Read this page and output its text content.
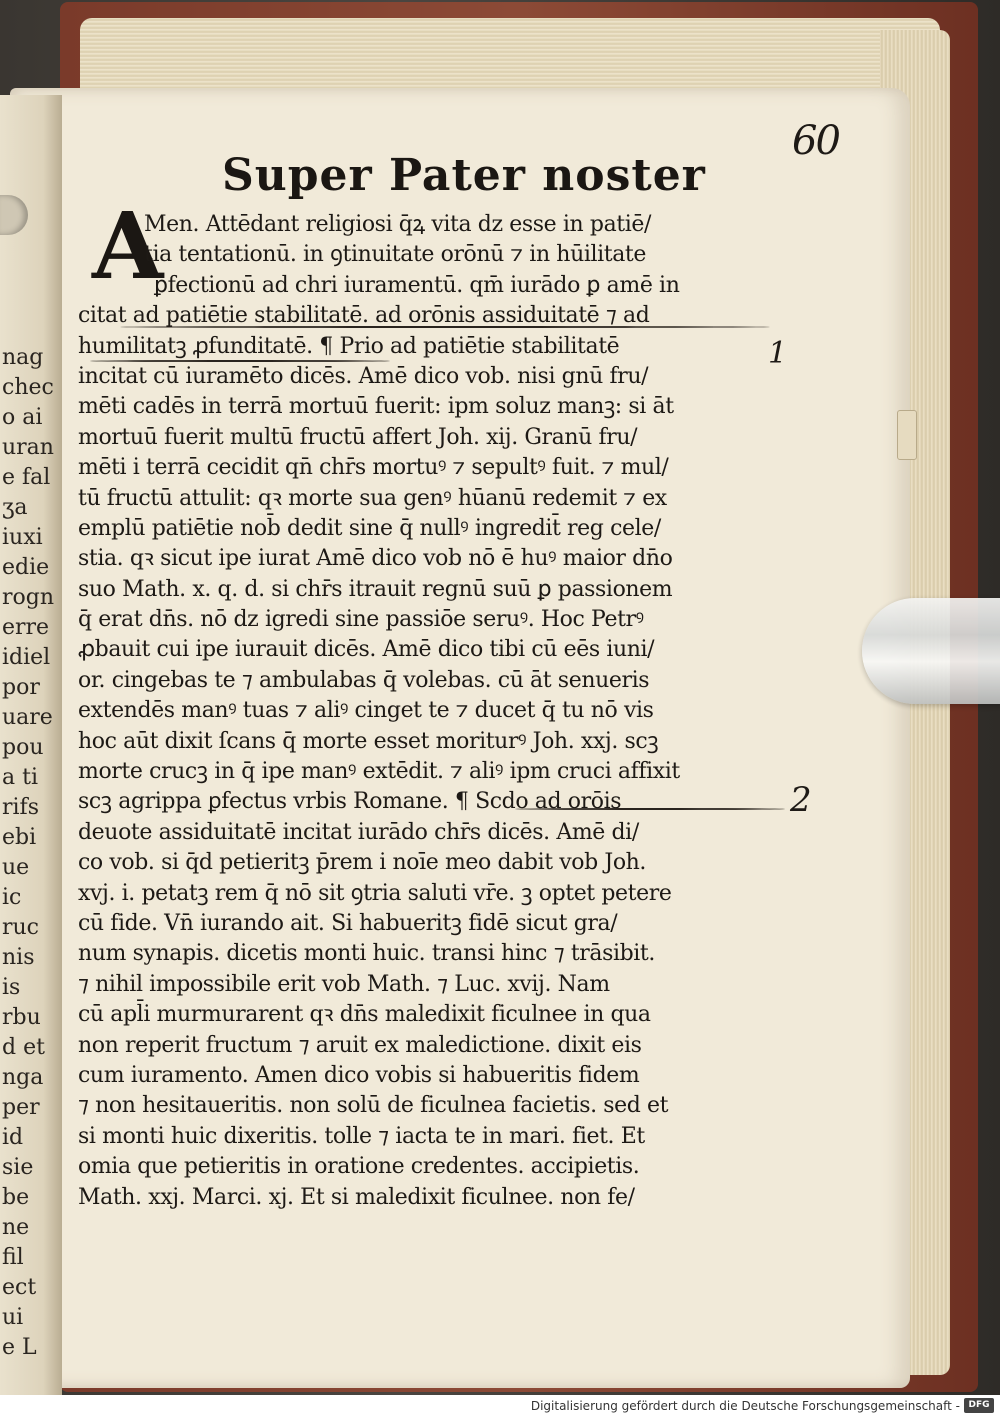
nag
chec
o ai
uran
e fal
ʒa
iuxi
edie
rogn
erre
idiel
por
uare
pou
a ti
rifs
ebi
ue
ic
ruc
nis
is
rbu
d et
nga
per
id
sie
be
ne
fil
ect
ui
e L
60
Super Pater noster
A
Men. Attēdant religiosi q̄ꝝ vita dz esse in patiē/
tia tentationū. in ꝯtinuitate orōnū ⁊ in hūilitate
ꝑfectionū ad chri iuramentū. qm̄ iurādo ꝑ amē in
citat ad patiētie stabilitatē. ad orōnis assiduitatē ⁊ ad
humilitatꝫ ꝓfunditatē. ¶ Prio ad patiētie stabilitatē
incitat cū iuramēto dicēs. Amē dico vob. nisi gnū fru/
mēti cadēs in terrā mortuū fuerit: ipm soluz manꝫ: si āt
mortuū fuerit multū fructū affert Joh. xij. Granū fru/
mēti i terrā cecidit qn̄ chr̄s mortuꝰ ⁊ sepultꝰ fuit. ⁊ mul/
tū fructū attulit: qꝛ morte sua genꝰ hūanū redemit ⁊ ex
emplū patiētie nob̄ dedit sine q̄ nullꝰ ingredit̄ reg cele/
stia. qꝛ sicut ipe iurat Amē dico vob nō ē huꝰ maior dn̄o
suo Math. x. q. d. si chr̄s itrauit regnū suū ꝑ passionem
q̄ erat dn̄s. nō dz igredi sine passiōe seruꝰ. Hoc Petrꝰ
ꝓbauit cui ipe iurauit dicēs. Amē dico tibi cū eēs iuni/
or. cingebas te ⁊ ambulabas q̄ volebas. cū āt senueris
extendēs manꝰ tuas ⁊ aliꝰ cinget te ⁊ ducet q̄ tu nō vis
hoc aūt dixit ſcans q̄ morte esset moriturꝰ Joh. xxj. scꝫ
morte crucꝫ in q̄ ipe manꝰ extēdit. ⁊ aliꝰ ipm cruci affixit
scꝫ agrippa ꝑfectus vrbis Romane. ¶ Scdo ad orōis
deuote assiduitatē incitat iurādo chr̄s dicēs. Amē di/
co vob. si q̄d petieritꝫ p̄rem i noīe meo dabit vob Joh.
xvj. i. petatꝫ rem q̄ nō sit ꝯtria saluti vr̄e. ꝫ optet petere
cū fide. Vn̄ iurando ait. Si habueritꝫ fidē sicut gra/
num synapis. dicetis monti huic. transi hinc ⁊ trāsibit.
⁊ nihil impossibile erit vob Math. ⁊ Luc. xvij. Nam
cū apl̄i murmurarent qꝛ dn̄s maledixit ficulnee in qua
non reperit fructum ⁊ aruit ex maledictione. dixit eis
cum iuramento. Amen dico vobis si habueritis fidem
⁊ non hesitaueritis. non solū de ficulnea facietis. sed et
si monti huic dixeritis. tolle ⁊ iacta te in mari. fiet. Et
omia que petieritis in oratione credentes. accipietis.
Math. xxj. Marci. xj. Et si maledixit ficulnee. non fe/
1
2
Digitalisierung gefördert durch die Deutsche Forschungsgemeinschaft - DFG
